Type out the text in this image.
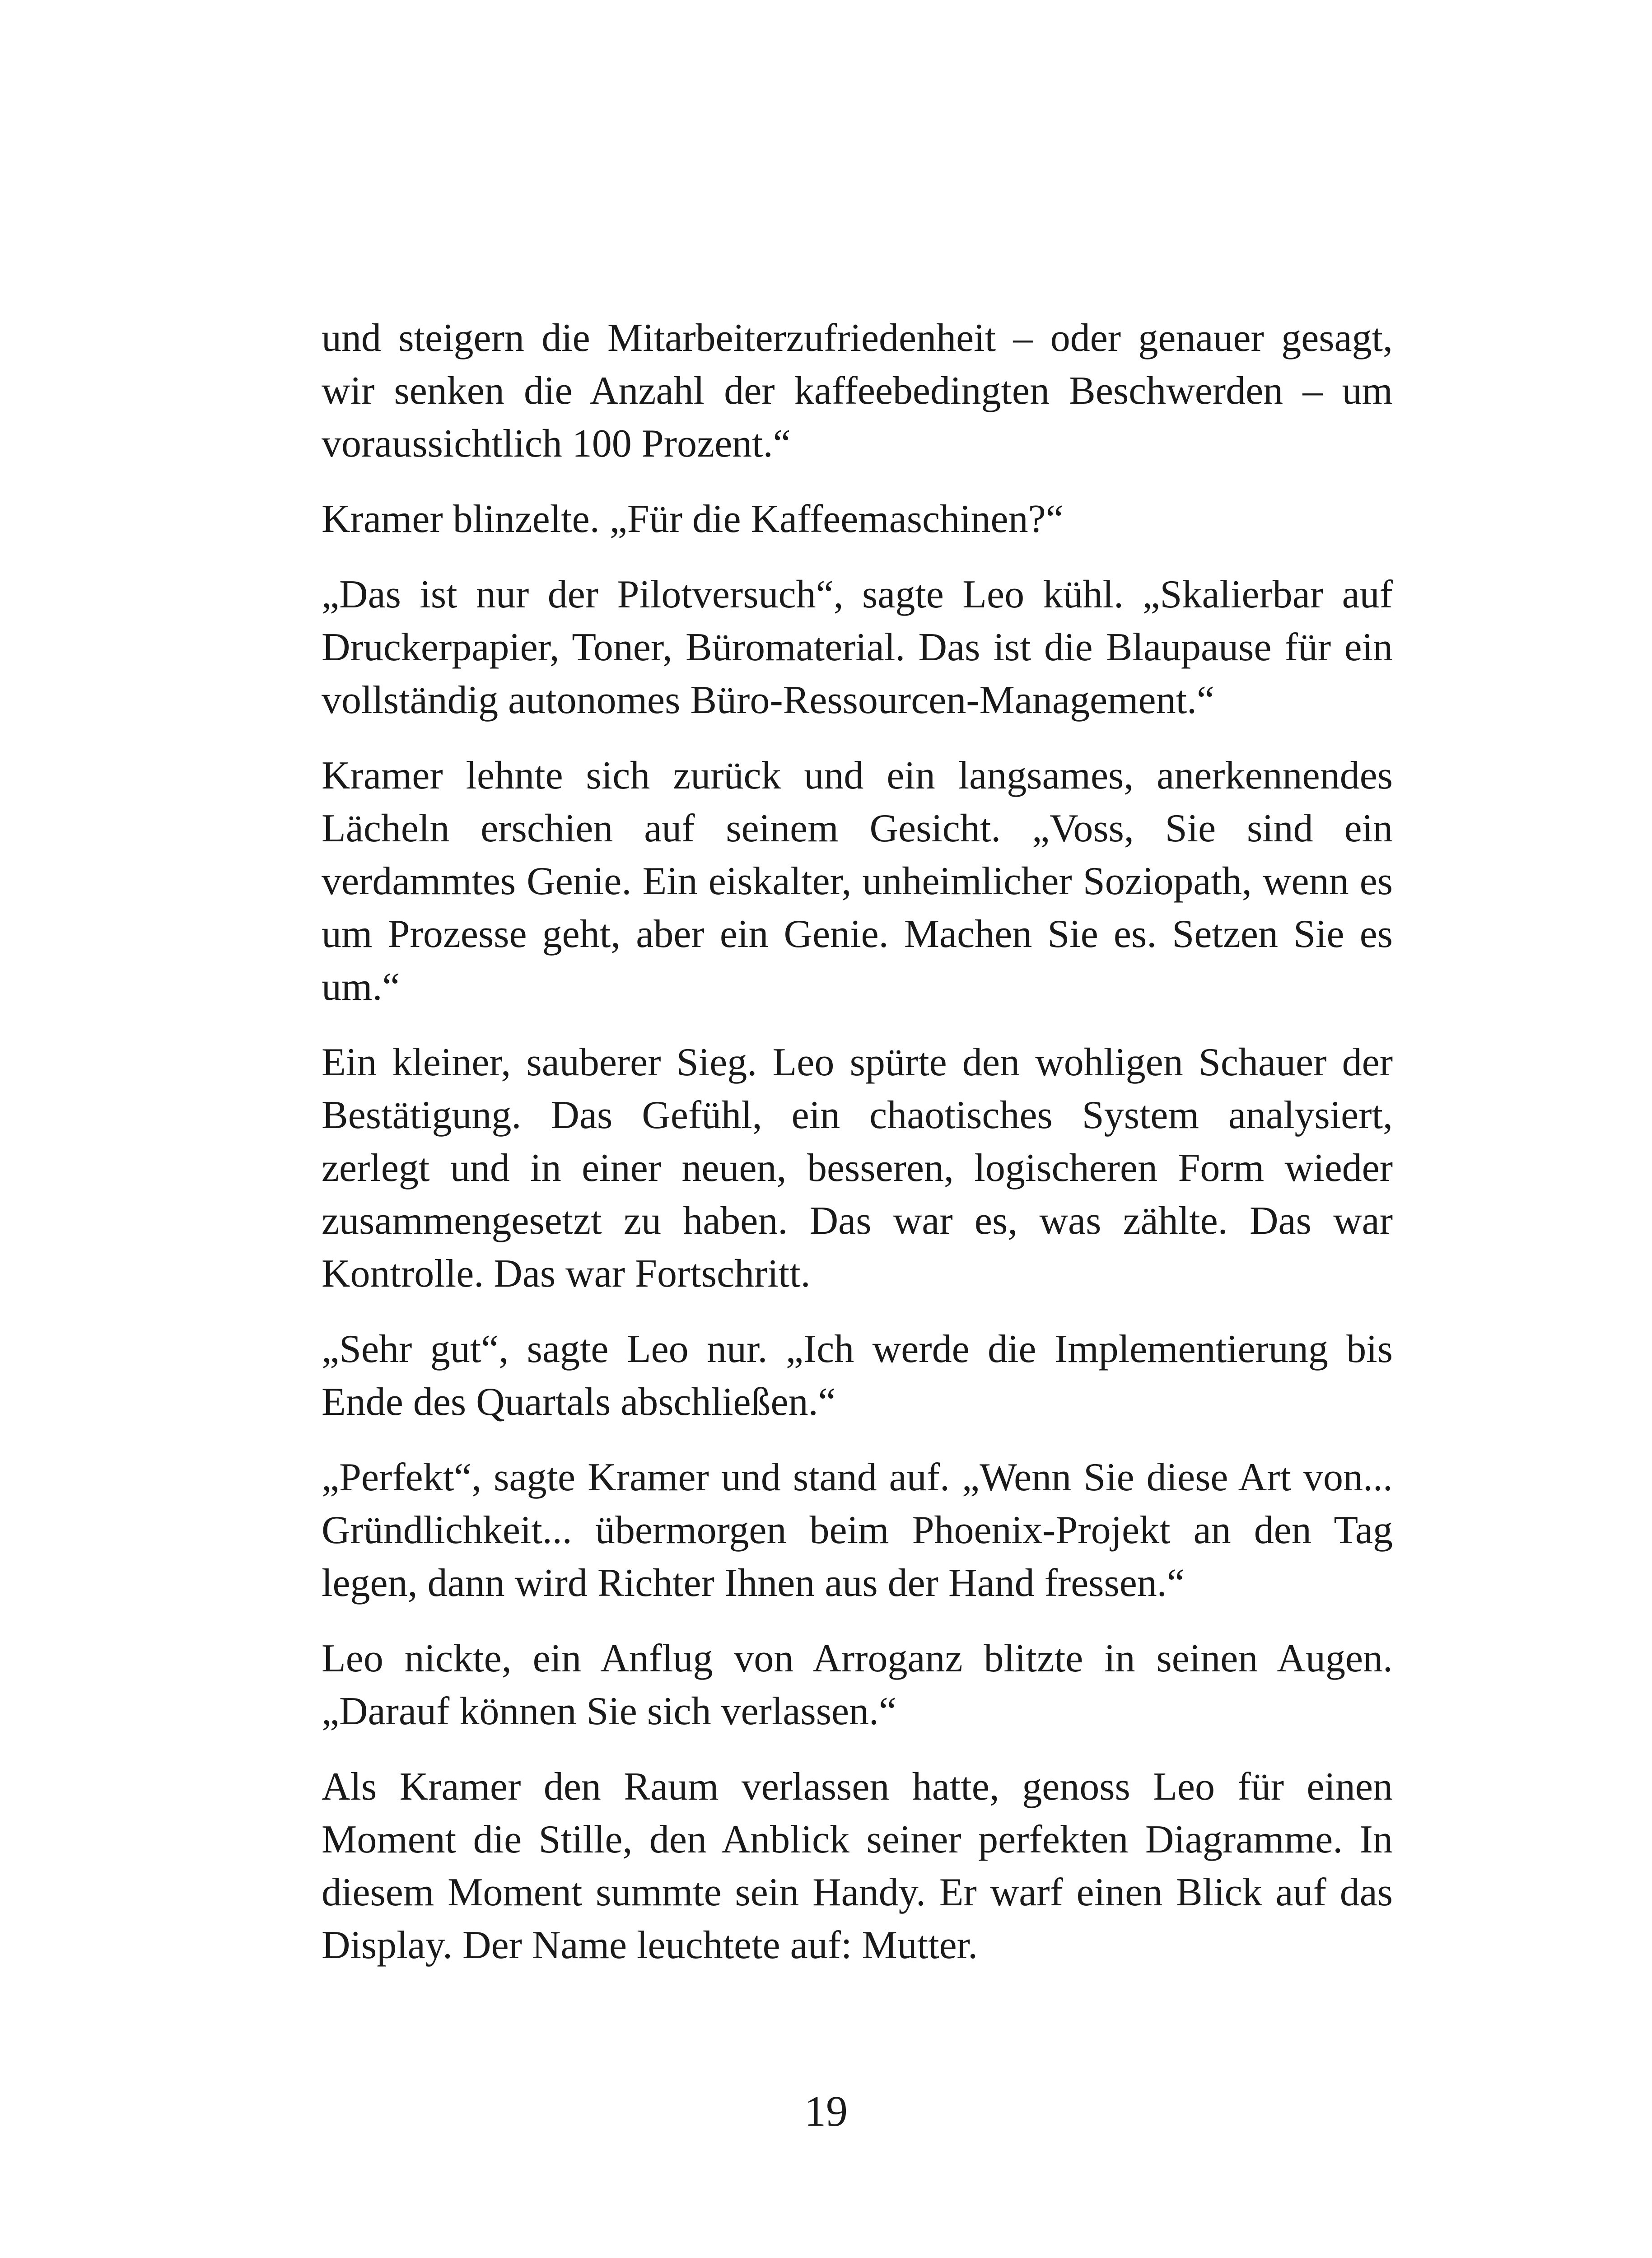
und steigern die Mitarbeiterzufriedenheit – oder genauer gesagt, wir senken die Anzahl der kaffeebedingten Beschwerden – um voraussichtlich 100 Prozent.“

Kramer blinzelte. „Für die Kaffeemaschinen?“

„Das ist nur der Pilotversuch“, sagte Leo kühl. „Skalierbar auf Druckerpapier, Toner, Büromaterial. Das ist die Blaupause für ein vollständig autonomes Büro-Ressourcen-Management.“

Kramer lehnte sich zurück und ein langsames, anerkennendes Lächeln erschien auf seinem Gesicht. „Voss, Sie sind ein verdammtes Genie. Ein eiskalter, unheimlicher Soziopath, wenn es um Prozesse geht, aber ein Genie. Machen Sie es. Setzen Sie es um.“

Ein kleiner, sauberer Sieg. Leo spürte den wohligen Schauer der Bestätigung. Das Gefühl, ein chaotisches System analysiert, zerlegt und in einer neuen, besseren, logischeren Form wieder zusammengesetzt zu haben. Das war es, was zählte. Das war Kontrolle. Das war Fortschritt.

„Sehr gut“, sagte Leo nur. „Ich werde die Implementierung bis Ende des Quartals abschließen.“

„Perfekt“, sagte Kramer und stand auf. „Wenn Sie diese Art von... Gründlichkeit... übermorgen beim Phoenix-Projekt an den Tag legen, dann wird Richter Ihnen aus der Hand fressen.“

Leo nickte, ein Anflug von Arroganz blitzte in seinen Augen. „Darauf können Sie sich verlassen.“

Als Kramer den Raum verlassen hatte, genoss Leo für einen Moment die Stille, den Anblick seiner perfekten Diagramme. In diesem Moment summte sein Handy. Er warf einen Blick auf das Display. Der Name leuchtete auf: Mutter.

19
